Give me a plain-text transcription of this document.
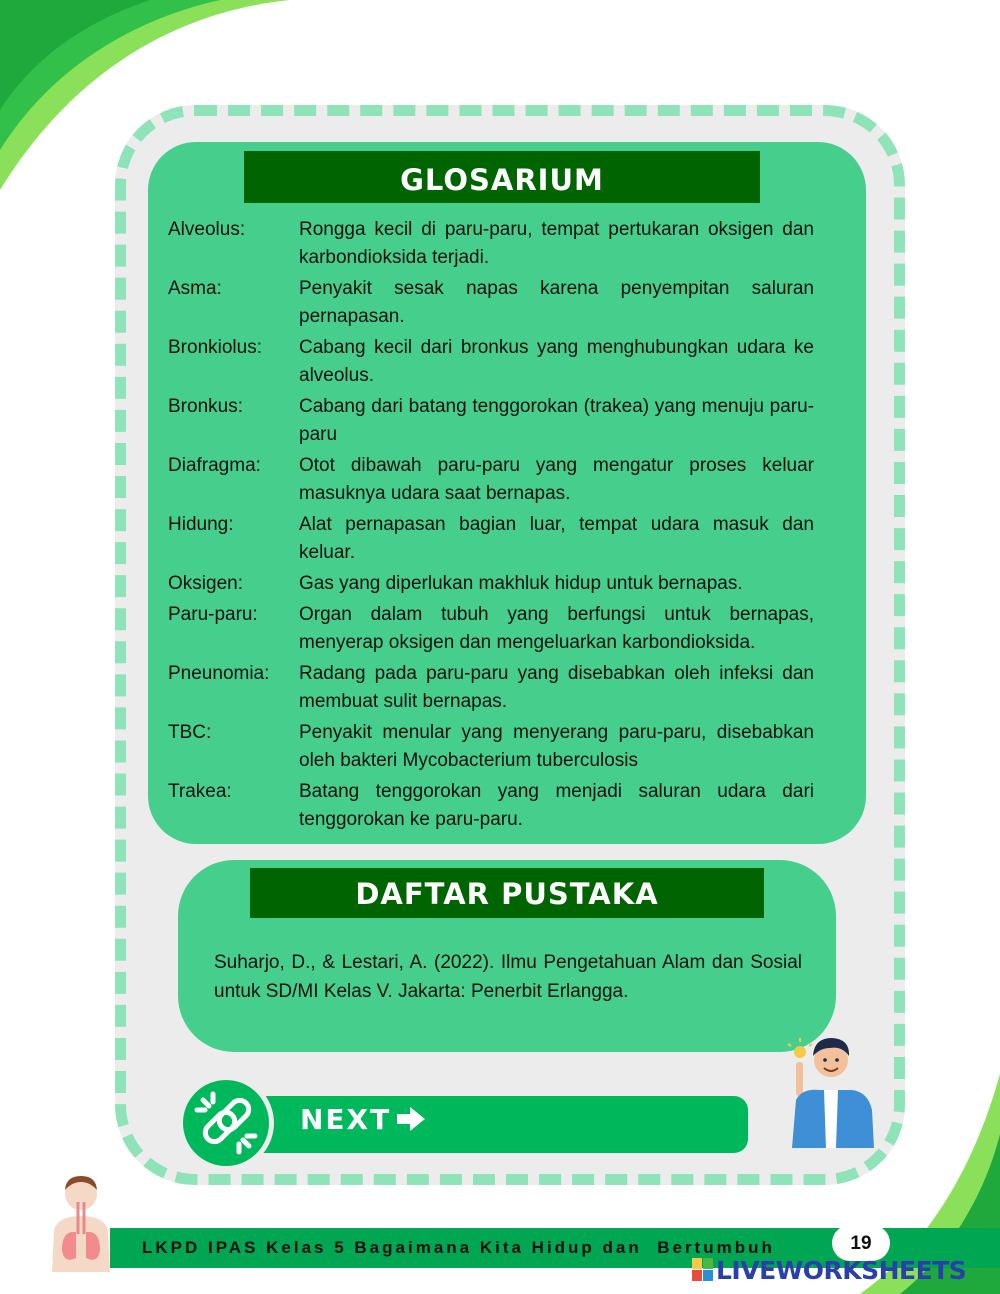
GLOSARIUM
Alveolus:	Rongga kecil di paru-paru, tempat pertukaran oksigen dan karbondioksida terjadi.
Asma:	Penyakit sesak napas karena penyempitan saluran pernapasan.
Bronkiolus:	Cabang kecil dari bronkus yang menghubungkan udara ke alveolus.
Bronkus:	Cabang dari batang tenggorokan (trakea) yang menuju paru-paru
Diafragma:	Otot dibawah paru-paru yang mengatur proses keluar masuknya udara saat bernapas.
Hidung:	Alat pernapasan bagian luar, tempat udara masuk dan keluar.
Oksigen:	Gas yang diperlukan makhluk hidup untuk bernapas.
Paru-paru:	Organ dalam tubuh yang berfungsi untuk bernapas, menyerap oksigen dan mengeluarkan karbondioksida.
Pneunomia:	Radang pada paru-paru yang disebabkan oleh infeksi dan membuat sulit bernapas.
TBC:	Penyakit menular yang menyerang paru-paru, disebabkan oleh bakteri Mycobacterium tuberculosis
Trakea:	Batang tenggorokan yang menjadi saluran udara dari tenggorokan ke paru-paru.
DAFTAR PUSTAKA
Suharjo, D., & Lestari, A. (2022). Ilmu Pengetahuan Alam dan Sosial untuk SD/MI Kelas V. Jakarta: Penerbit Erlangga.
NEXT
LKPD IPAS Kelas 5 Bagaimana Kita Hidup dan  Bertumbuh	19
LIVEWORKSHEETS
